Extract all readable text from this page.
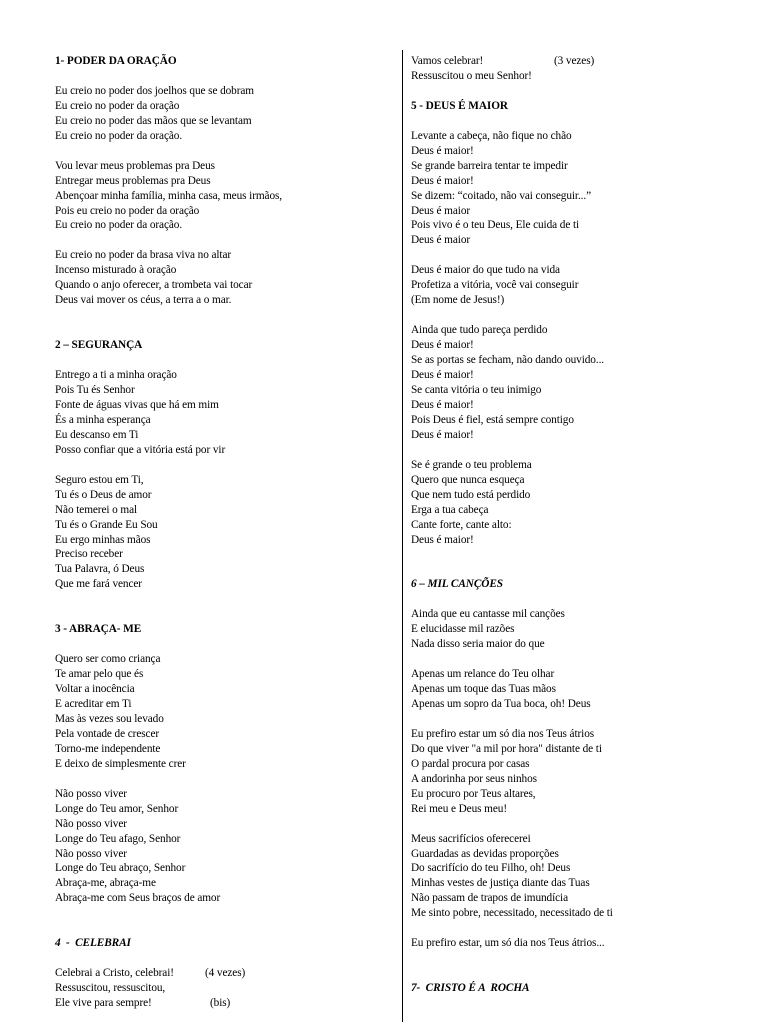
1- PODER DA ORAÇÃO

Eu creio no poder dos joelhos que se dobram
Eu creio no poder da oração
Eu creio no poder das mãos que se levantam
Eu creio no poder da oração.

Vou levar meus problemas pra Deus
Entregar meus problemas pra Deus
Abençoar minha família, minha casa, meus irmãos,
Pois eu creio no poder da oração
Eu creio no poder da oração.

Eu creio no poder da brasa viva no altar
Incenso misturado à oração
Quando o anjo oferecer, a trombeta vai tocar
Deus vai mover os céus, a terra a o mar.

2 – SEGURANÇA

Entrego a ti a minha oração
Pois Tu és Senhor
Fonte de águas vivas que há em mim
És a minha esperança
Eu descanso em Ti
Posso confiar que a vitória está por vir

Seguro estou em Ti,
Tu és o Deus de amor
Não temerei o mal
Tu és o Grande Eu Sou
Eu ergo minhas mãos
Preciso receber
Tua Palavra, ó Deus
Que me fará vencer

3 - ABRAÇA- ME

Quero ser como criança
Te amar pelo que és
Voltar a inocência
E acreditar em Ti
Mas às vezes sou levado
Pela vontade de crescer
Torno-me independente
E deixo de simplesmente crer

Não posso viver
Longe do Teu amor, Senhor
Não posso viver
Longe do Teu afago, Senhor
Não posso viver
Longe do Teu abraço, Senhor
Abraça-me, abraça-me
Abraça-me com Seus braços de amor

4  -  CELEBRAI

Celebrai a Cristo, celebrai!	(4 vezes)
Ressuscitou, ressuscitou,
Ele vive para sempre!	(bis)
Vamos celebrar!	(3 vezes)
Ressuscitou o meu Senhor!

5 - DEUS É MAIOR

Levante a cabeça, não fique no chão
Deus é maior!
Se grande barreira tentar te impedir
Deus é maior!
Se dizem: “coitado, não vai conseguir...”
Deus é maior
Pois vivo é o teu Deus, Ele cuida de ti
Deus é maior

Deus é maior do que tudo na vida
Profetiza a vitória, você vai conseguir
(Em nome de Jesus!)

Ainda que tudo pareça perdido
Deus é maior!
Se as portas se fecham, não dando ouvido...
Deus é maior!
Se canta vitória o teu inimigo
Deus é maior!
Pois Deus é fiel, está sempre contigo
Deus é maior!

Se é grande o teu problema
Quero que nunca esqueça
Que nem tudo está perdido
Erga a tua cabeça
Cante forte, cante alto:
Deus é maior!

6 – MIL CANÇÕES

Ainda que eu cantasse mil canções
E elucidasse mil razões
Nada disso seria maior do que

Apenas um relance do Teu olhar
Apenas um toque das Tuas mãos
Apenas um sopro da Tua boca, oh! Deus

Eu prefiro estar um só dia nos Teus átrios
Do que viver "a mil por hora" distante de ti
O pardal procura por casas
A andorinha por seus ninhos
Eu procuro por Teus altares,
Rei meu e Deus meu!

Meus sacrifícios oferecerei
Guardadas as devidas proporções
Do sacrifício do teu Filho, oh! Deus
Minhas vestes de justiça diante das Tuas
Não passam de trapos de imundícia
Me sinto pobre, necessitado, necessitado de ti

Eu prefiro estar, um só dia nos Teus átrios...

7-  CRISTO É A  ROCHA
